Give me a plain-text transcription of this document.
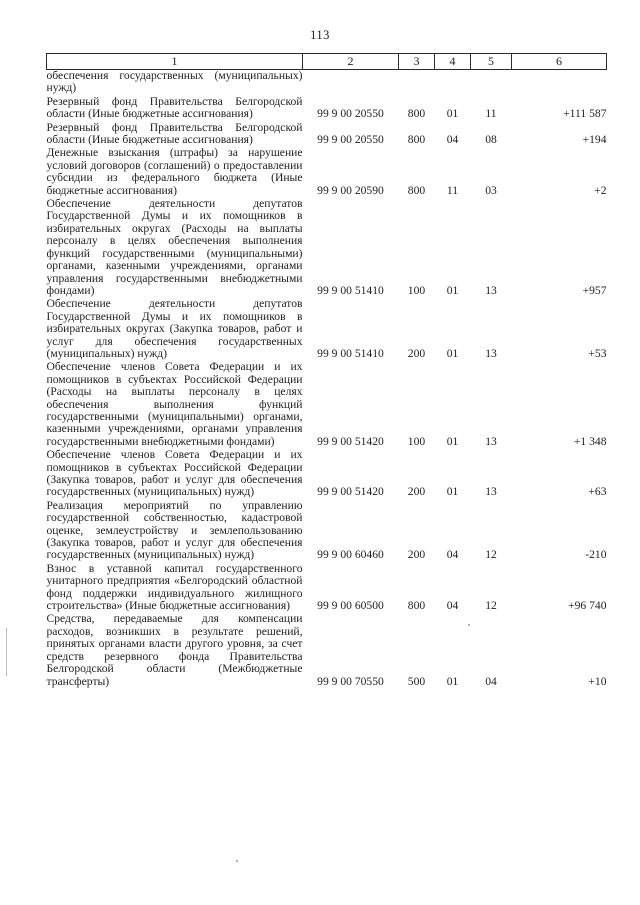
113
1	2	3	4	5	6
обеспечения государственных (муниципальных) нужд)					
Резервный фонд Правительства Белгородской области (Иные бюджетные ассигнования)	99 9 00 20550	800	01	11	+111 587
Резервный фонд Правительства Белгородской области (Иные бюджетные ассигнования)	99 9 00 20550	800	04	08	+194
Денежные взыскания (штрафы) за нарушение условий договоров (соглашений) о предоставлении субсидии из федерального бюджета (Иные бюджетные ассигнования)	99 9 00 20590	800	11	03	+2
Обеспечение деятельности депутатов Государственной Думы и их помощников в избирательных округах (Расходы на выплаты персоналу в целях обеспечения выполнения функций государственными (муниципальными) органами, казенными учреждениями, органами управления государственными внебюджетными фондами)	99 9 00 51410	100	01	13	+957
Обеспечение деятельности депутатов Государственной Думы и их помощников в избирательных округах (Закупка товаров, работ и услуг для обеспечения государственных (муниципальных) нужд)	99 9 00 51410	200	01	13	+53
Обеспечение членов Совета Федерации и их помощников в субъектах Российской Федерации (Расходы на выплаты персоналу в целях обеспечения выполнения функций государственными (муниципальными) органами, казенными учреждениями, органами управления государственными внебюджетными фондами)	99 9 00 51420	100	01	13	+1 348
Обеспечение членов Совета Федерации и их помощников в субъектах Российской Федерации (Закупка товаров, работ и услуг для обеспечения государственных (муниципальных) нужд)	99 9 00 51420	200	01	13	+63
Реализация мероприятий по управлению государственной собственностью, кадастровой оценке, землеустройству и землепользованию (Закупка товаров, работ и услуг для обеспечения государственных (муниципальных) нужд)	99 9 00 60460	200	04	12	-210
Взнос в уставной капитал государственного унитарного предприятия «Белгородский областной фонд поддержки индивидуального жилищного строительства» (Иные бюджетные ассигнования)	99 9 00 60500	800	04	12	+96 740
Средства, передаваемые для компенсации расходов, возникших в результате решений, принятых органами власти другого уровня, за счет средств резервного фонда Правительства Белгородской области (Межбюджетные трансферты)	99 9 00 70550	500	01	04	+10
